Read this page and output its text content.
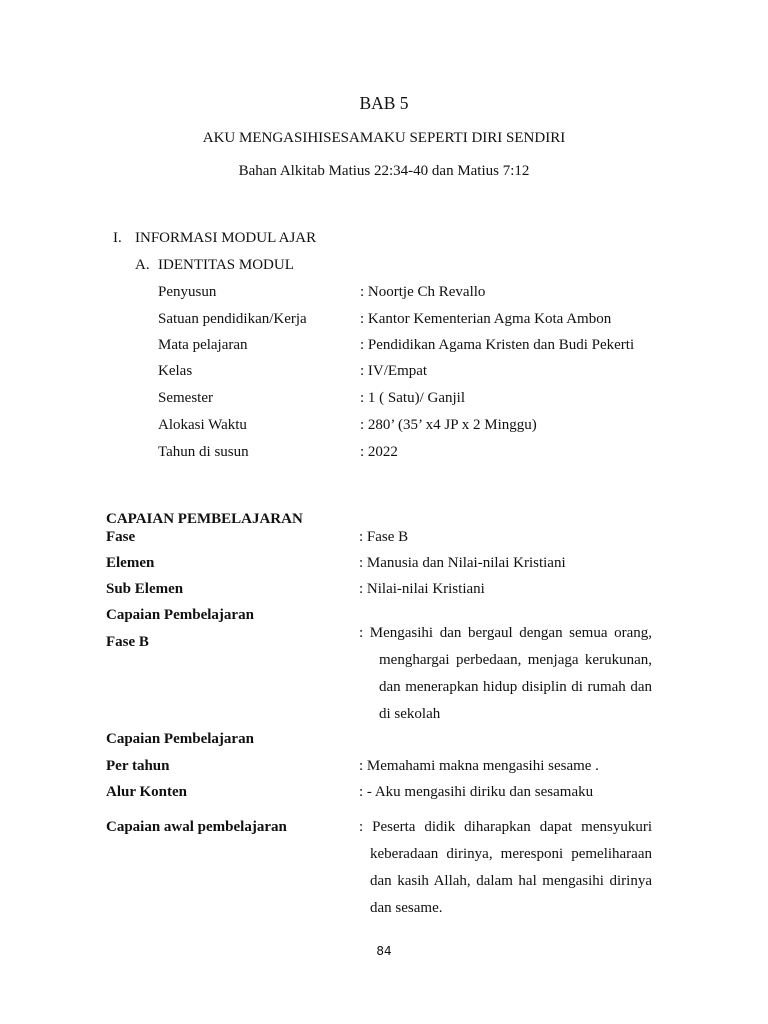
BAB 5
AKU MENGASIHISESAMAKU SEPERTI DIRI SENDIRI
Bahan Alkitab Matius 22:34-40 dan Matius 7:12
I. INFORMASI MODUL AJAR
A. IDENTITAS MODUL
Penyusun	: Noortje Ch Revallo
Satuan pendidikan/Kerja	: Kantor Kementerian Agma Kota Ambon
Mata pelajaran	: Pendidikan Agama Kristen dan Budi Pekerti
Kelas	: IV/Empat
Semester	: 1 ( Satu)/ Ganjil
Alokasi Waktu	: 280’ (35’ x4 JP x 2 Minggu)
Tahun di susun	: 2022
CAPAIAN PEMBELAJARAN
Fase	: Fase B
Elemen	: Manusia dan Nilai-nilai Kristiani
Sub Elemen	: Nilai-nilai Kristiani
Capaian Pembelajaran
Fase B
: Mengasihi dan bergaul dengan semua orang,
menghargai perbedaan, menjaga kerukunan,
dan menerapkan hidup disiplin di rumah dan
di sekolah
Capaian Pembelajaran
Per tahun	: Memahami makna mengasihi sesame .
Alur Konten	: - Aku mengasihi diriku dan sesamaku
Capaian awal pembelajaran	: Peserta didik diharapkan dapat mensyukuri
keberadaan dirinya, meresponi pemeliharaan
dan kasih Allah, dalam hal mengasihi dirinya
dan sesame.
84
